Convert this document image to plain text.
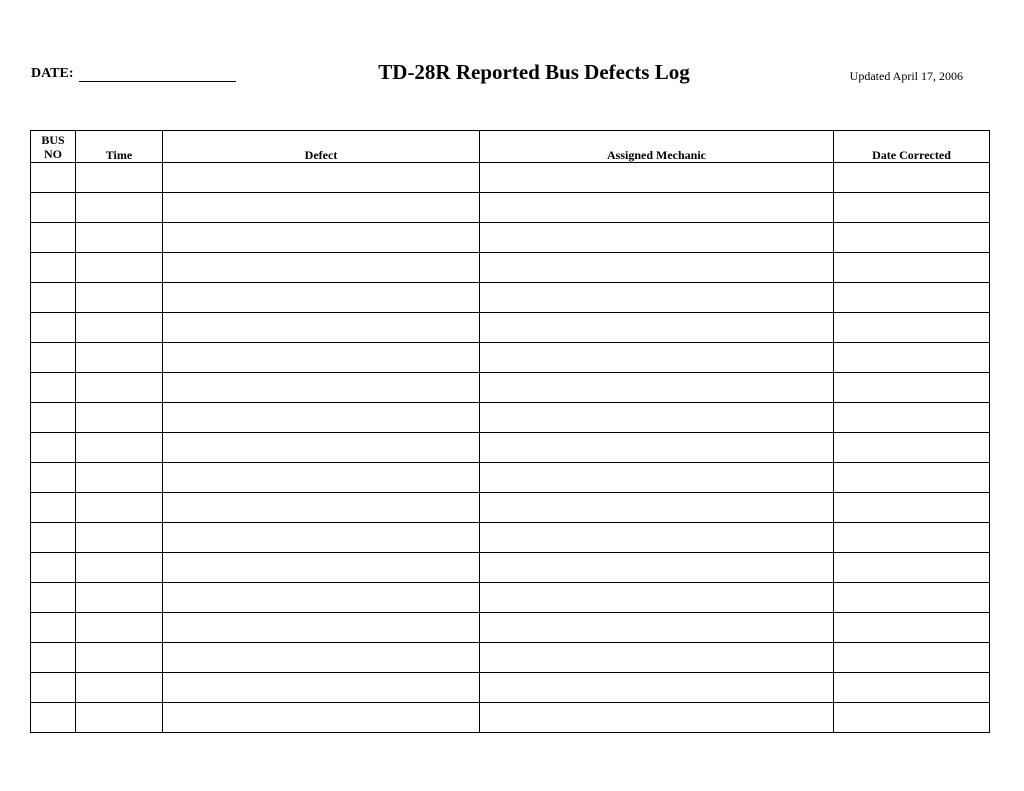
DATE:	TD-28R Reported Bus Defects Log	Updated April 17, 2006
BUS
NO	Time	Defect	Assigned Mechanic	Date Corrected
